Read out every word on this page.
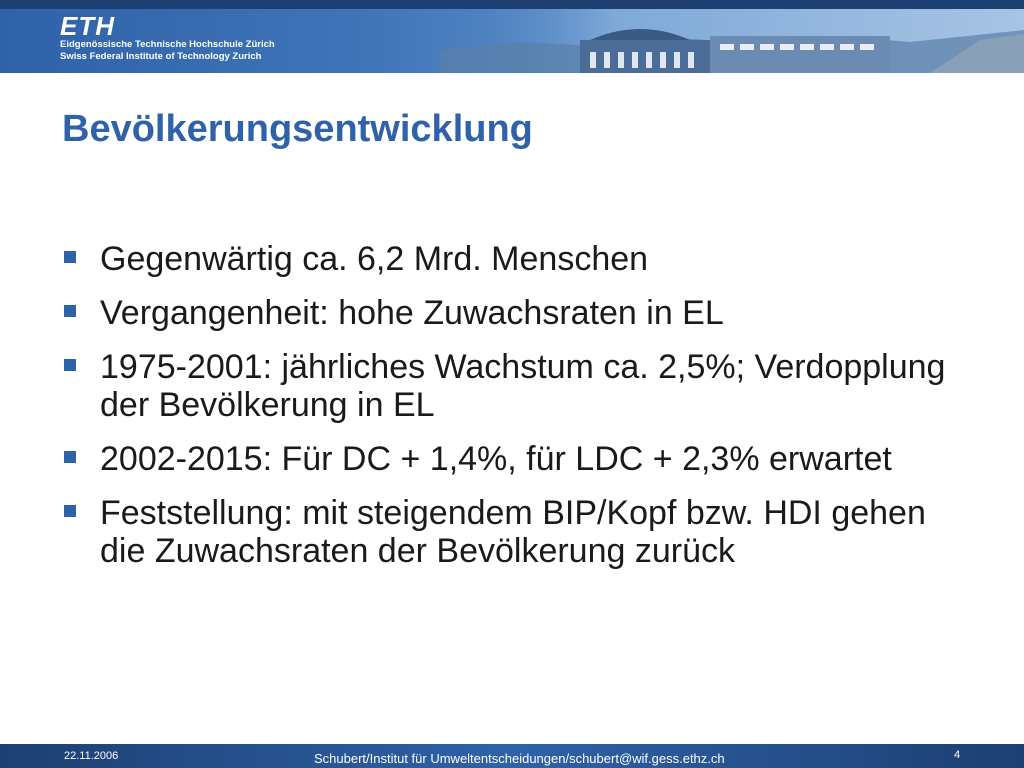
ETH
Eidgenössische Technische Hochschule Zürich
Swiss Federal Institute of Technology Zurich
Bevölkerungsentwicklung
Gegenwärtig ca. 6,2 Mrd. Menschen
Vergangenheit: hohe Zuwachsraten in EL
1975-2001: jährliches Wachstum ca. 2,5%; Verdopplung der Bevölkerung in EL
2002-2015: Für DC + 1,4%, für LDC + 2,3% erwartet
Feststellung: mit steigendem BIP/Kopf bzw. HDI gehen die Zuwachsraten der Bevölkerung zurück
22.11.2006	Schubert/Institut für Umweltentscheidungen/schubert@wif.gess.ethz.ch	4
